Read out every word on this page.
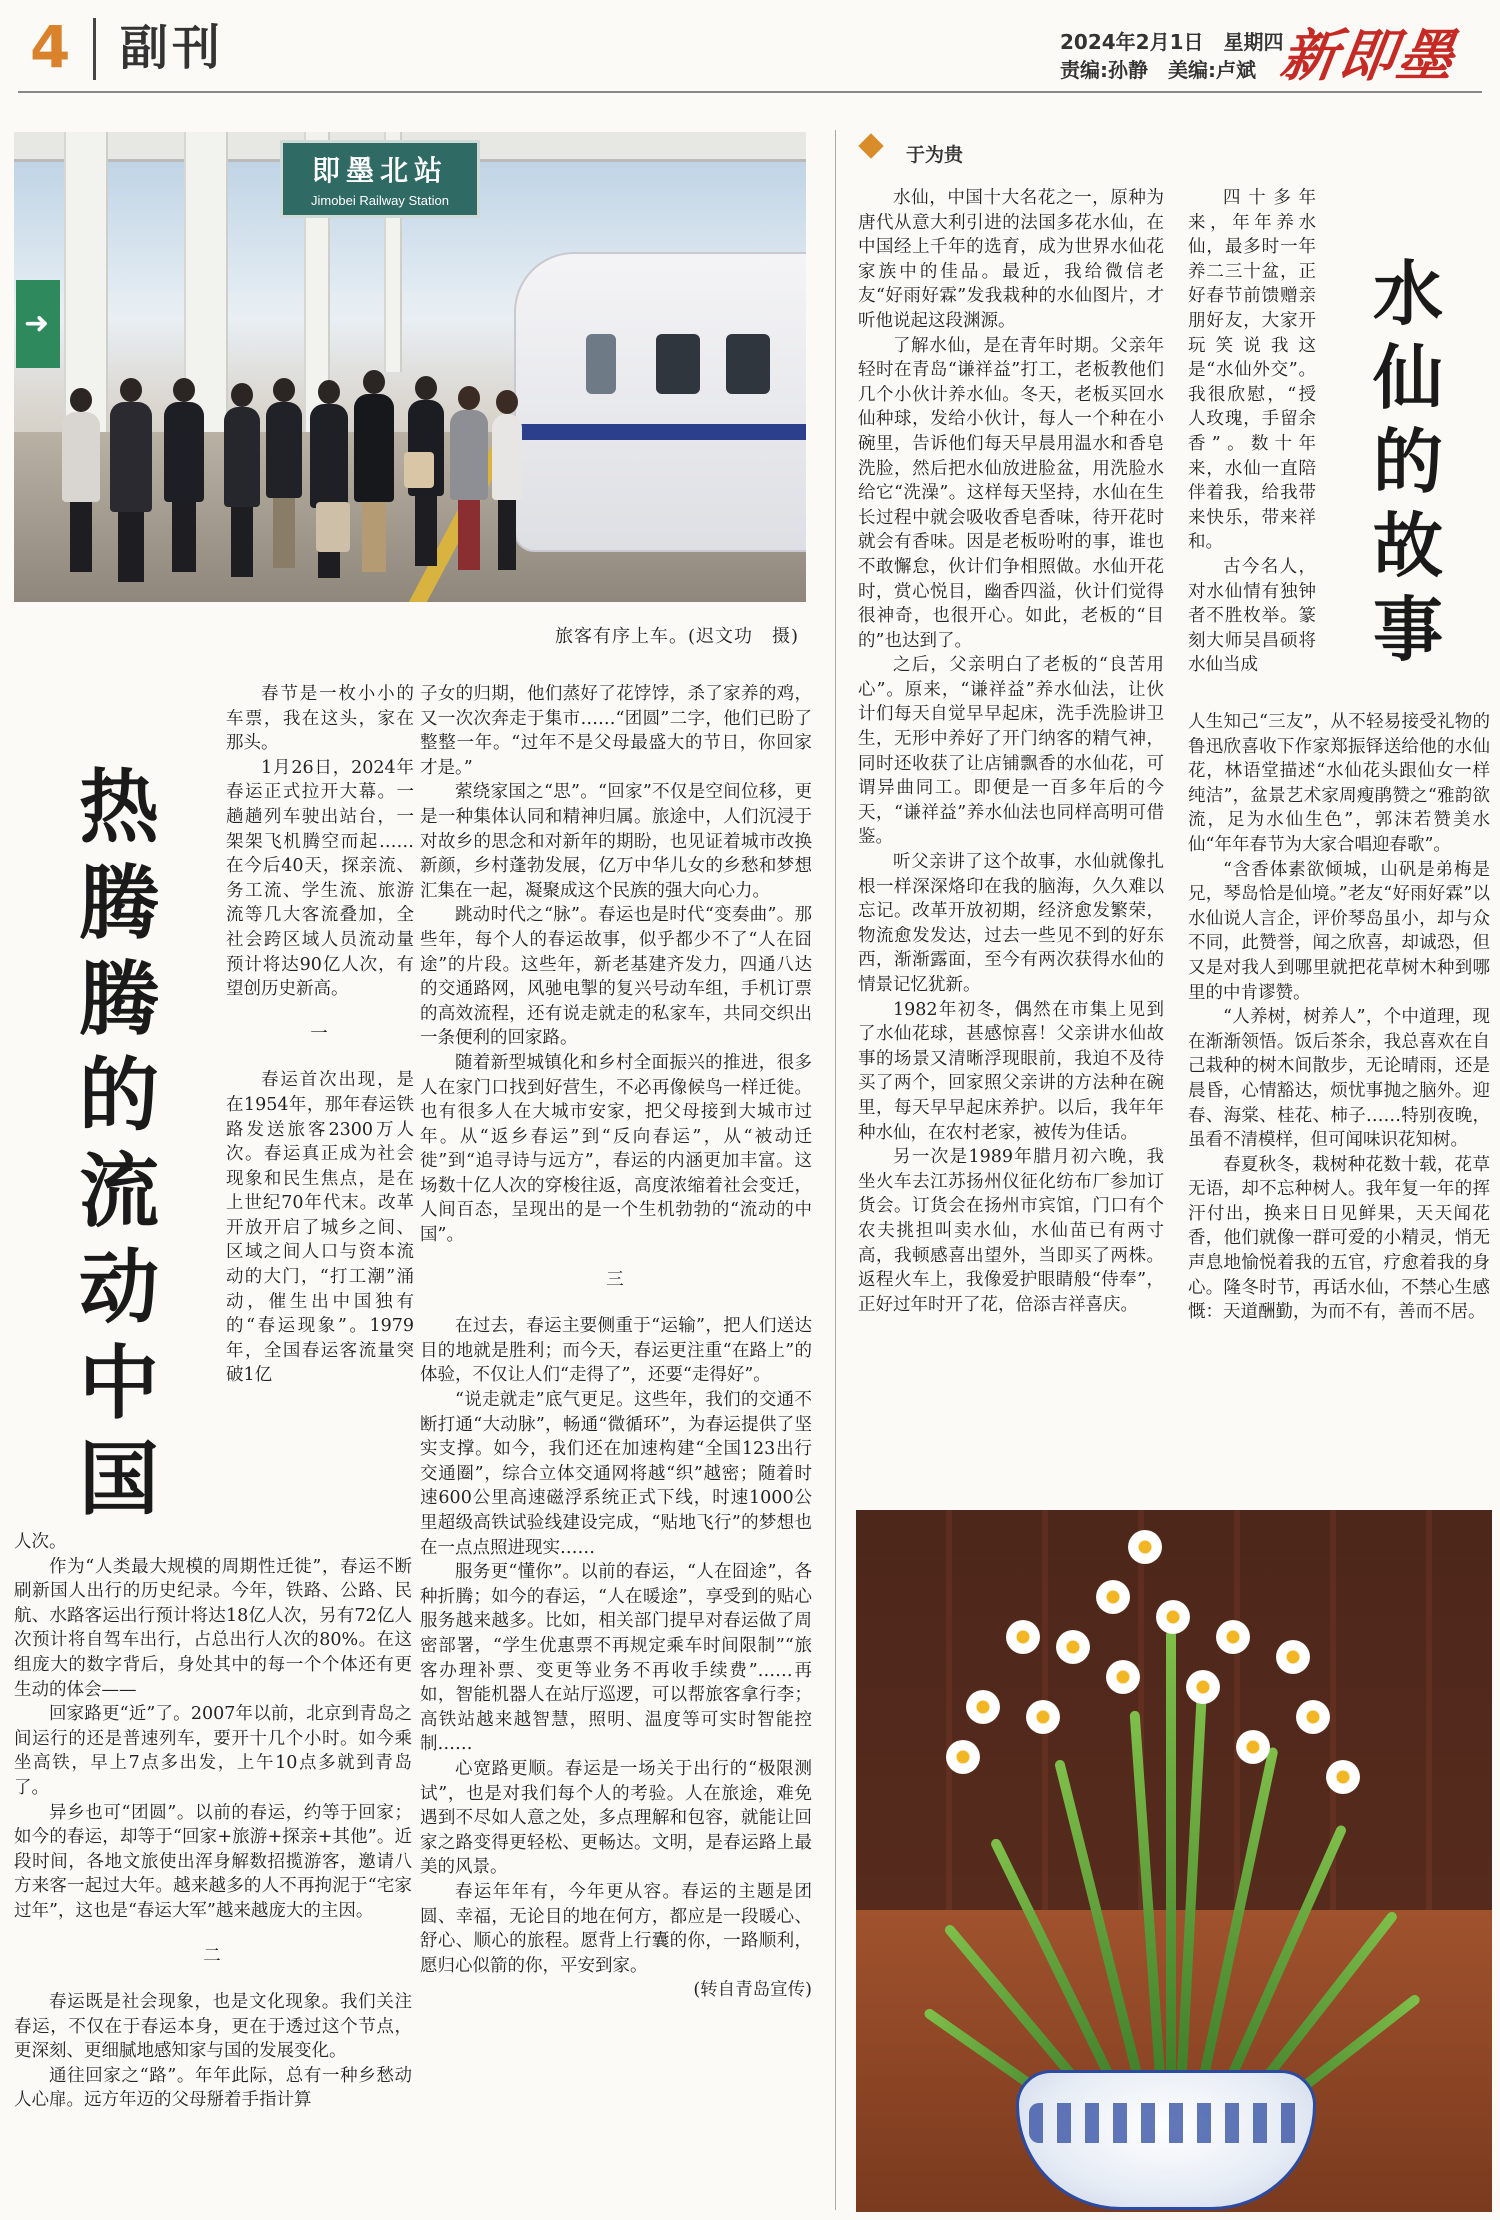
4 副刊	2024年2月1日　星期四
责编:孙静　美编:卢斌 新即墨
即墨北站
Jimobei Railway Station
➜
旅客有序上车。(迟文功　摄)
热腾腾的流动中国

春节是一枚小小的车票，我在这头，家在那头。

1月26日，2024年春运正式拉开大幕。一趟趟列车驶出站台，一架架飞机腾空而起……在今后40天，探亲流、务工流、学生流、旅游流等几大客流叠加，全社会跨区域人员流动量预计将达90亿人次，有望创历史新高。

一

春运首次出现，是在1954年，那年春运铁路发送旅客2300万人次。春运真正成为社会现象和民生焦点，是在上世纪70年代末。改革开放开启了城乡之间、区域之间人口与资本流动的大门，“打工潮”涌动，催生出中国独有的“春运现象”。1979年，全国春运客流量突破1亿

人次。

作为“人类最大规模的周期性迁徙”，春运不断刷新国人出行的历史纪录。今年，铁路、公路、民航、水路客运出行预计将达18亿人次，另有72亿人次预计将自驾车出行，占总出行人次的80%。在这组庞大的数字背后，身处其中的每一个个体还有更生动的体会——

回家路更“近”了。2007年以前，北京到青岛之间运行的还是普速列车，要开十几个小时。如今乘坐高铁，早上7点多出发，上午10点多就到青岛了。

异乡也可“团圆”。以前的春运，约等于回家；如今的春运，却等于“回家+旅游+探亲+其他”。近段时间，各地文旅使出浑身解数招揽游客，邀请八方来客一起过大年。越来越多的人不再拘泥于“宅家过年”，这也是“春运大军”越来越庞大的主因。

二

春运既是社会现象，也是文化现象。我们关注春运，不仅在于春运本身，更在于透过这个节点，更深刻、更细腻地感知家与国的发展变化。

通往回家之“路”。年年此际，总有一种乡愁动人心扉。远方年迈的父母掰着手指计算

子女的归期，他们蒸好了花饽饽，杀了家养的鸡，又一次次奔走于集市……“团圆”二字，他们已盼了整整一年。“过年不是父母最盛大的节日，你回家才是。”

萦绕家国之“思”。“回家”不仅是空间位移，更是一种集体认同和精神归属。旅途中，人们沉浸于对故乡的思念和对新年的期盼，也见证着城市改换新颜，乡村蓬勃发展，亿万中华儿女的乡愁和梦想汇集在一起，凝聚成这个民族的强大向心力。

跳动时代之“脉”。春运也是时代“变奏曲”。那些年，每个人的春运故事，似乎都少不了“人在囧途”的片段。这些年，新老基建齐发力，四通八达的交通路网，风驰电掣的复兴号动车组，手机订票的高效流程，还有说走就走的私家车，共同交织出一条便利的回家路。

随着新型城镇化和乡村全面振兴的推进，很多人在家门口找到好营生，不必再像候鸟一样迁徙。也有很多人在大城市安家，把父母接到大城市过年。从“返乡春运”到“反向春运”，从“被动迁徙”到“追寻诗与远方”，春运的内涵更加丰富。这场数十亿人次的穿梭往返，高度浓缩着社会变迁，人间百态，呈现出的是一个生机勃勃的“流动的中国”。

三

在过去，春运主要侧重于“运输”，把人们送达目的地就是胜利；而今天，春运更注重“在路上”的体验，不仅让人们“走得了”，还要“走得好”。

“说走就走”底气更足。这些年，我们的交通不断打通“大动脉”，畅通“微循环”，为春运提供了坚实支撑。如今，我们还在加速构建“全国123出行交通圈”，综合立体交通网将越“织”越密；随着时速600公里高速磁浮系统正式下线，时速1000公里超级高铁试验线建设完成，“贴地飞行”的梦想也在一点点照进现实……

服务更“懂你”。以前的春运，“人在囧途”，各种折腾；如今的春运，“人在暖途”，享受到的贴心服务越来越多。比如，相关部门提早对春运做了周密部署，“学生优惠票不再规定乘车时间限制”“旅客办理补票、变更等业务不再收手续费”……再如，智能机器人在站厅巡逻，可以帮旅客拿行李；高铁站越来越智慧，照明、温度等可实时智能控制……

心宽路更顺。春运是一场关于出行的“极限测试”，也是对我们每个人的考验。人在旅途，难免遇到不尽如人意之处，多点理解和包容，就能让回家之路变得更轻松、更畅达。文明，是春运路上最美的风景。

春运年年有，今年更从容。春运的主题是团圆、幸福，无论目的地在何方，都应是一段暖心、舒心、顺心的旅程。愿背上行囊的你，一路顺利，愿归心似箭的你，平安到家。

(转自青岛宣传)

于为贵
水仙的故事

水仙，中国十大名花之一，原种为唐代从意大利引进的法国多花水仙，在中国经上千年的选育，成为世界水仙花家族中的佳品。最近，我给微信老友“好雨好霖”发我栽种的水仙图片，才听他说起这段渊源。

了解水仙，是在青年时期。父亲年轻时在青岛“谦祥益”打工，老板教他们几个小伙计养水仙。冬天，老板买回水仙种球，发给小伙计，每人一个种在小碗里，告诉他们每天早晨用温水和香皂洗脸，然后把水仙放进脸盆，用洗脸水给它“洗澡”。这样每天坚持，水仙在生长过程中就会吸收香皂香味，待开花时就会有香味。因是老板吩咐的事，谁也不敢懈怠，伙计们争相照做。水仙开花时，赏心悦目，幽香四溢，伙计们觉得很神奇，也很开心。如此，老板的“目的”也达到了。

之后，父亲明白了老板的“良苦用心”。原来，“谦祥益”养水仙法，让伙计们每天自觉早早起床，洗手洗脸讲卫生，无形中养好了开门纳客的精气神，同时还收获了让店铺飘香的水仙花，可谓异曲同工。即便是一百多年后的今天，“谦祥益”养水仙法也同样高明可借鉴。

听父亲讲了这个故事，水仙就像扎根一样深深烙印在我的脑海，久久难以忘记。改革开放初期，经济愈发繁荣，物流愈发发达，过去一些见不到的好东西，渐渐露面，至今有两次获得水仙的情景记忆犹新。

1982年初冬，偶然在市集上见到了水仙花球，甚感惊喜！父亲讲水仙故事的场景又清晰浮现眼前，我迫不及待买了两个，回家照父亲讲的方法种在碗里，每天早早起床养护。以后，我年年种水仙，在农村老家，被传为佳话。

另一次是1989年腊月初六晚，我坐火车去江苏扬州仪征化纺布厂参加订货会。订货会在扬州市宾馆，门口有个农夫挑担叫卖水仙，水仙苗已有两寸高，我顿感喜出望外，当即买了两株。返程火车上，我像爱护眼睛般“侍奉”，正好过年时开了花，倍添吉祥喜庆。

四十多年来，年年养水仙，最多时一年养二三十盆，正好春节前馈赠亲朋好友，大家开玩笑说我这是“水仙外交”。我很欣慰，“授人玫瑰，手留余香”。数十年来，水仙一直陪伴着我，给我带来快乐，带来祥和。

古今名人，对水仙情有独钟者不胜枚举。篆刻大师吴昌硕将水仙当成

人生知己“三友”，从不轻易接受礼物的鲁迅欣喜收下作家郑振铎送给他的水仙花，林语堂描述“水仙花头跟仙女一样纯洁”，盆景艺术家周瘦鹃赞之“雅韵欲流，足为水仙生色”，郭沫若赞美水仙“年年春节为大家合唱迎春歌”。

“含香体素欲倾城，山矾是弟梅是兄，琴岛恰是仙境。”老友“好雨好霖”以水仙说人言企，评价琴岛虽小，却与众不同，此赞誉，闻之欣喜，却诚恐，但又是对我人到哪里就把花草树木种到哪里的中肯谬赞。

“人养树，树养人”，个中道理，现在渐渐领悟。饭后茶余，我总喜欢在自己栽种的树木间散步，无论晴雨，还是晨昏，心情豁达，烦忧事抛之脑外。迎春、海棠、桂花、柿子……特别夜晚，虽看不清模样，但可闻味识花知树。

春夏秋冬，栽树种花数十载，花草无语，却不忘种树人。我年复一年的挥汗付出，换来日日见鲜果，天天闻花香，他们就像一群可爱的小精灵，悄无声息地愉悦着我的五官，疗愈着我的身心。隆冬时节，再话水仙，不禁心生感慨：天道酬勤，为而不有，善而不居。
